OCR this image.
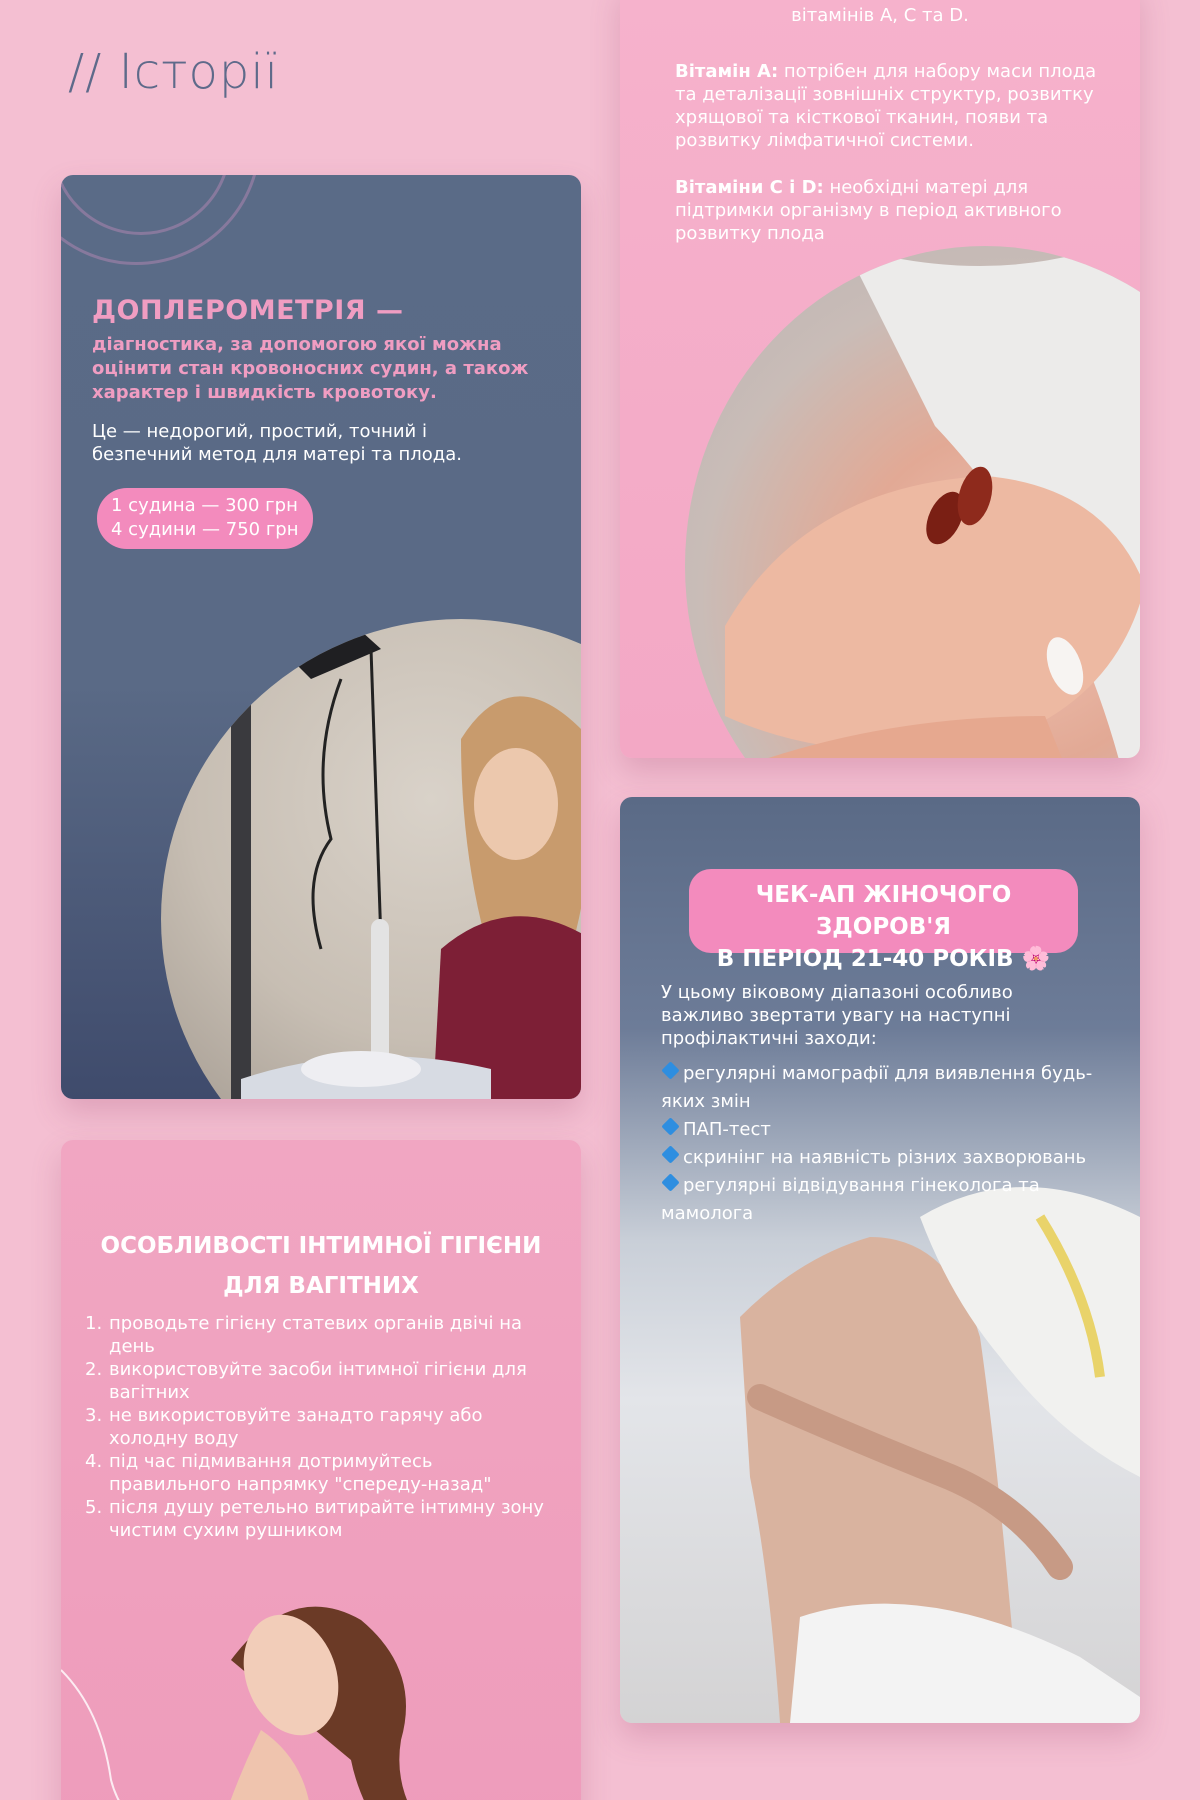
// Історії
ДОПЛЕРОМЕТРІЯ —
діагностика, за допомогою якої можна оцінити стан кровоносних судин, а також характер і швидкість кровотоку.
Це — недорогий, простий, точний і безпечний метод для матері та плода.
1 судина — 300 грн
4 судини — 750 грн
вітамінів A, C та D.
Вітамін А: потрібен для набору маси плода та деталізації зовнішніх структур, розвитку хрящової та кісткової тканин, появи та розвитку лімфатичної системи.
Вітаміни С і D: необхідні матері для підтримки організму в період активного розвитку плода
ОСОБЛИВОСТІ ІНТИМНОЇ ГІГІЄНИ
ДЛЯ ВАГІТНИХ
1. проводьте гігієну статевих органів двічі на день
2. використовуйте засоби інтимної гігієни для вагітних
3. не використовуйте занадто гарячу або холодну воду
4. під час підмивання дотримуйтесь правильного напрямку "спереду-назад"
5. після душу ретельно витирайте інтимну зону чистим сухим рушником
ЧЕК-АП ЖІНОЧОГО ЗДОРОВ'Я
В ПЕРІОД 21-40 РОКІВ 🌸
У цьому віковому діапазоні особливо важливо звертати увагу на наступні профілактичні заходи:
регулярні мамографії для виявлення будь-яких змін
ПАП-тест
скринінг на наявність різних захворювань
регулярні відвідування гінеколога та мамолога
